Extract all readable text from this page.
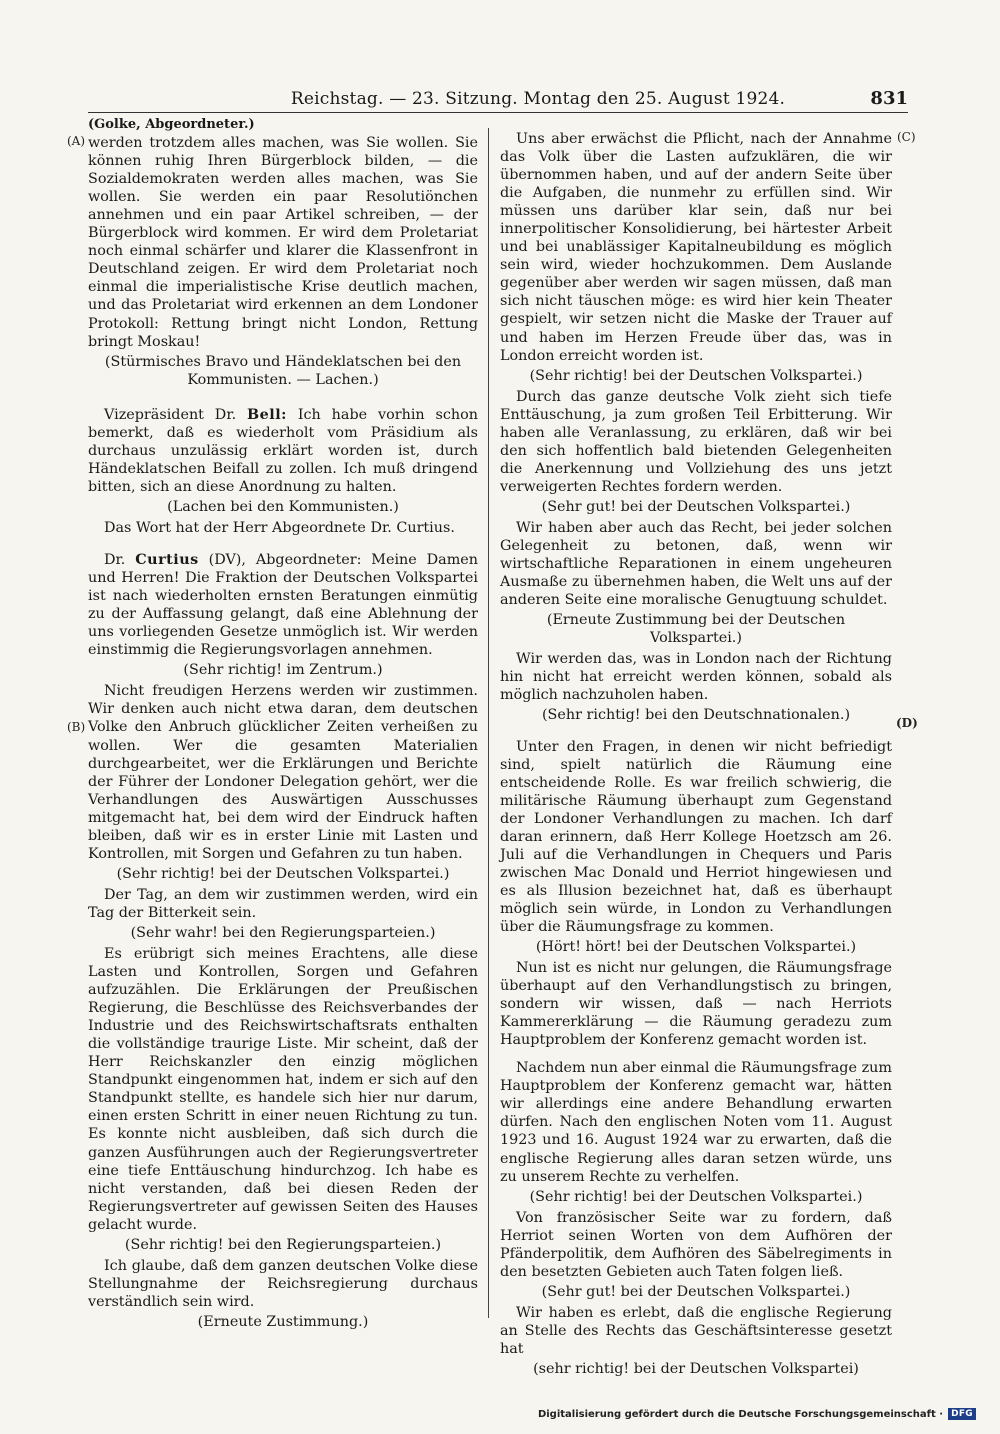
Reichstag. — 23. Sitzung. Montag den 25. August 1924.	831
(A)
(B)
(C)
(D)

(Golke, Abgeordneter.)

werden trotzdem alles machen, was Sie wollen. Sie können ruhig Ihren Bürgerblock bilden, — die Sozialdemokraten werden alles machen, was Sie wollen. Sie werden ein paar Resolutiönchen annehmen und ein paar Artikel schreiben, — der Bürgerblock wird kommen. Er wird dem Proletariat noch einmal schärfer und klarer die Klassenfront in Deutschland zeigen. Er wird dem Proletariat noch einmal die imperialistische Krise deutlich machen, und das Proletariat wird erkennen an dem Londoner Protokoll: Rettung bringt nicht London, Rettung bringt Moskau!

(Stürmisches Bravo und Händeklatschen bei den Kommunisten. — Lachen.)

Vizepräsident Dr. Bell: Ich habe vorhin schon bemerkt, daß es wiederholt vom Präsidium als durchaus unzulässig erklärt worden ist, durch Händeklatschen Beifall zu zollen. Ich muß dringend bitten, sich an diese Anordnung zu halten.

(Lachen bei den Kommunisten.)

Das Wort hat der Herr Abgeordnete Dr. Curtius.

Dr. Curtius (DV), Abgeordneter: Meine Damen und Herren! Die Fraktion der Deutschen Volkspartei ist nach wiederholten ernsten Beratungen einmütig zu der Auffassung gelangt, daß eine Ablehnung der uns vorliegenden Gesetze unmöglich ist. Wir werden einstimmig die Regierungsvorlagen annehmen.

(Sehr richtig! im Zentrum.)

Nicht freudigen Herzens werden wir zustimmen. Wir denken auch nicht etwa daran, dem deutschen Volke den Anbruch glücklicher Zeiten verheißen zu wollen. Wer die gesamten Materialien durchgearbeitet, wer die Erklärungen und Berichte der Führer der Londoner Delegation gehört, wer die Verhandlungen des Auswärtigen Ausschusses mitgemacht hat, bei dem wird der Eindruck haften bleiben, daß wir es in erster Linie mit Lasten und Kontrollen, mit Sorgen und Gefahren zu tun haben.

(Sehr richtig! bei der Deutschen Volkspartei.)

Der Tag, an dem wir zustimmen werden, wird ein Tag der Bitterkeit sein.

(Sehr wahr! bei den Regierungsparteien.)

Es erübrigt sich meines Erachtens, alle diese Lasten und Kontrollen, Sorgen und Gefahren aufzuzählen. Die Erklärungen der Preußischen Regierung, die Beschlüsse des Reichsverbandes der Industrie und des Reichswirtschaftsrats enthalten die vollständige traurige Liste. Mir scheint, daß der Herr Reichskanzler den einzig möglichen Standpunkt eingenommen hat, indem er sich auf den Standpunkt stellte, es handele sich hier nur darum, einen ersten Schritt in einer neuen Richtung zu tun. Es konnte nicht ausbleiben, daß sich durch die ganzen Ausführungen auch der Regierungsvertreter eine tiefe Enttäuschung hindurchzog. Ich habe es nicht verstanden, daß bei diesen Reden der Regierungsvertreter auf gewissen Seiten des Hauses gelacht wurde.

(Sehr richtig! bei den Regierungsparteien.)

Ich glaube, daß dem ganzen deutschen Volke diese Stellungnahme der Reichsregierung durchaus verständlich sein wird.

(Erneute Zustimmung.)

Uns aber erwächst die Pflicht, nach der Annahme das Volk über die Lasten aufzuklären, die wir übernommen haben, und auf der andern Seite über die Aufgaben, die nunmehr zu erfüllen sind. Wir müssen uns darüber klar sein, daß nur bei innerpolitischer Konsolidierung, bei härtester Arbeit und bei unablässiger Kapitalneubildung es möglich sein wird, wieder hochzukommen. Dem Auslande gegenüber aber werden wir sagen müssen, daß man sich nicht täuschen möge: es wird hier kein Theater gespielt, wir setzen nicht die Maske der Trauer auf und haben im Herzen Freude über das, was in London erreicht worden ist.

(Sehr richtig! bei der Deutschen Volkspartei.)

Durch das ganze deutsche Volk zieht sich tiefe Enttäuschung, ja zum großen Teil Erbitterung. Wir haben alle Veranlassung, zu erklären, daß wir bei den sich hoffentlich bald bietenden Gelegenheiten die Anerkennung und Vollziehung des uns jetzt verweigerten Rechtes fordern werden.

(Sehr gut! bei der Deutschen Volkspartei.)

Wir haben aber auch das Recht, bei jeder solchen Gelegenheit zu betonen, daß, wenn wir wirtschaftliche Reparationen in einem ungeheuren Ausmaße zu übernehmen haben, die Welt uns auf der anderen Seite eine moralische Genugtuung schuldet.

(Erneute Zustimmung bei der Deutschen Volkspartei.)

Wir werden das, was in London nach der Richtung hin nicht hat erreicht werden können, sobald als möglich nachzuholen haben.

(Sehr richtig! bei den Deutschnationalen.)

Unter den Fragen, in denen wir nicht befriedigt sind, spielt natürlich die Räumung eine entscheidende Rolle. Es war freilich schwierig, die militärische Räumung überhaupt zum Gegenstand der Londoner Verhandlungen zu machen. Ich darf daran erinnern, daß Herr Kollege Hoetzsch am 26. Juli auf die Verhandlungen in Chequers und Paris zwischen Mac Donald und Herriot hingewiesen und es als Illusion bezeichnet hat, daß es überhaupt möglich sein würde, in London zu Verhandlungen über die Räumungsfrage zu kommen.

(Hört! hört! bei der Deutschen Volkspartei.)

Nun ist es nicht nur gelungen, die Räumungsfrage überhaupt auf den Verhandlungstisch zu bringen, sondern wir wissen, daß — nach Herriots Kammererklärung — die Räumung geradezu zum Hauptproblem der Konferenz gemacht worden ist.

Nachdem nun aber einmal die Räumungsfrage zum Hauptproblem der Konferenz gemacht war, hätten wir allerdings eine andere Behandlung erwarten dürfen. Nach den englischen Noten vom 11. August 1923 und 16. August 1924 war zu erwarten, daß die englische Regierung alles daran setzen würde, uns zu unserem Rechte zu verhelfen.

(Sehr richtig! bei der Deutschen Volkspartei.)

Von französischer Seite war zu fordern, daß Herriot seinen Worten von dem Aufhören der Pfänderpolitik, dem Aufhören des Säbelregiments in den besetzten Gebieten auch Taten folgen ließ.

(Sehr gut! bei der Deutschen Volkspartei.)

Wir haben es erlebt, daß die englische Regierung an Stelle des Rechts das Geschäftsinteresse gesetzt hat

(sehr richtig! bei der Deutschen Volkspartei)

Digitalisierung gefördert durch die Deutsche Forschungsgemeinschaft · DFG
